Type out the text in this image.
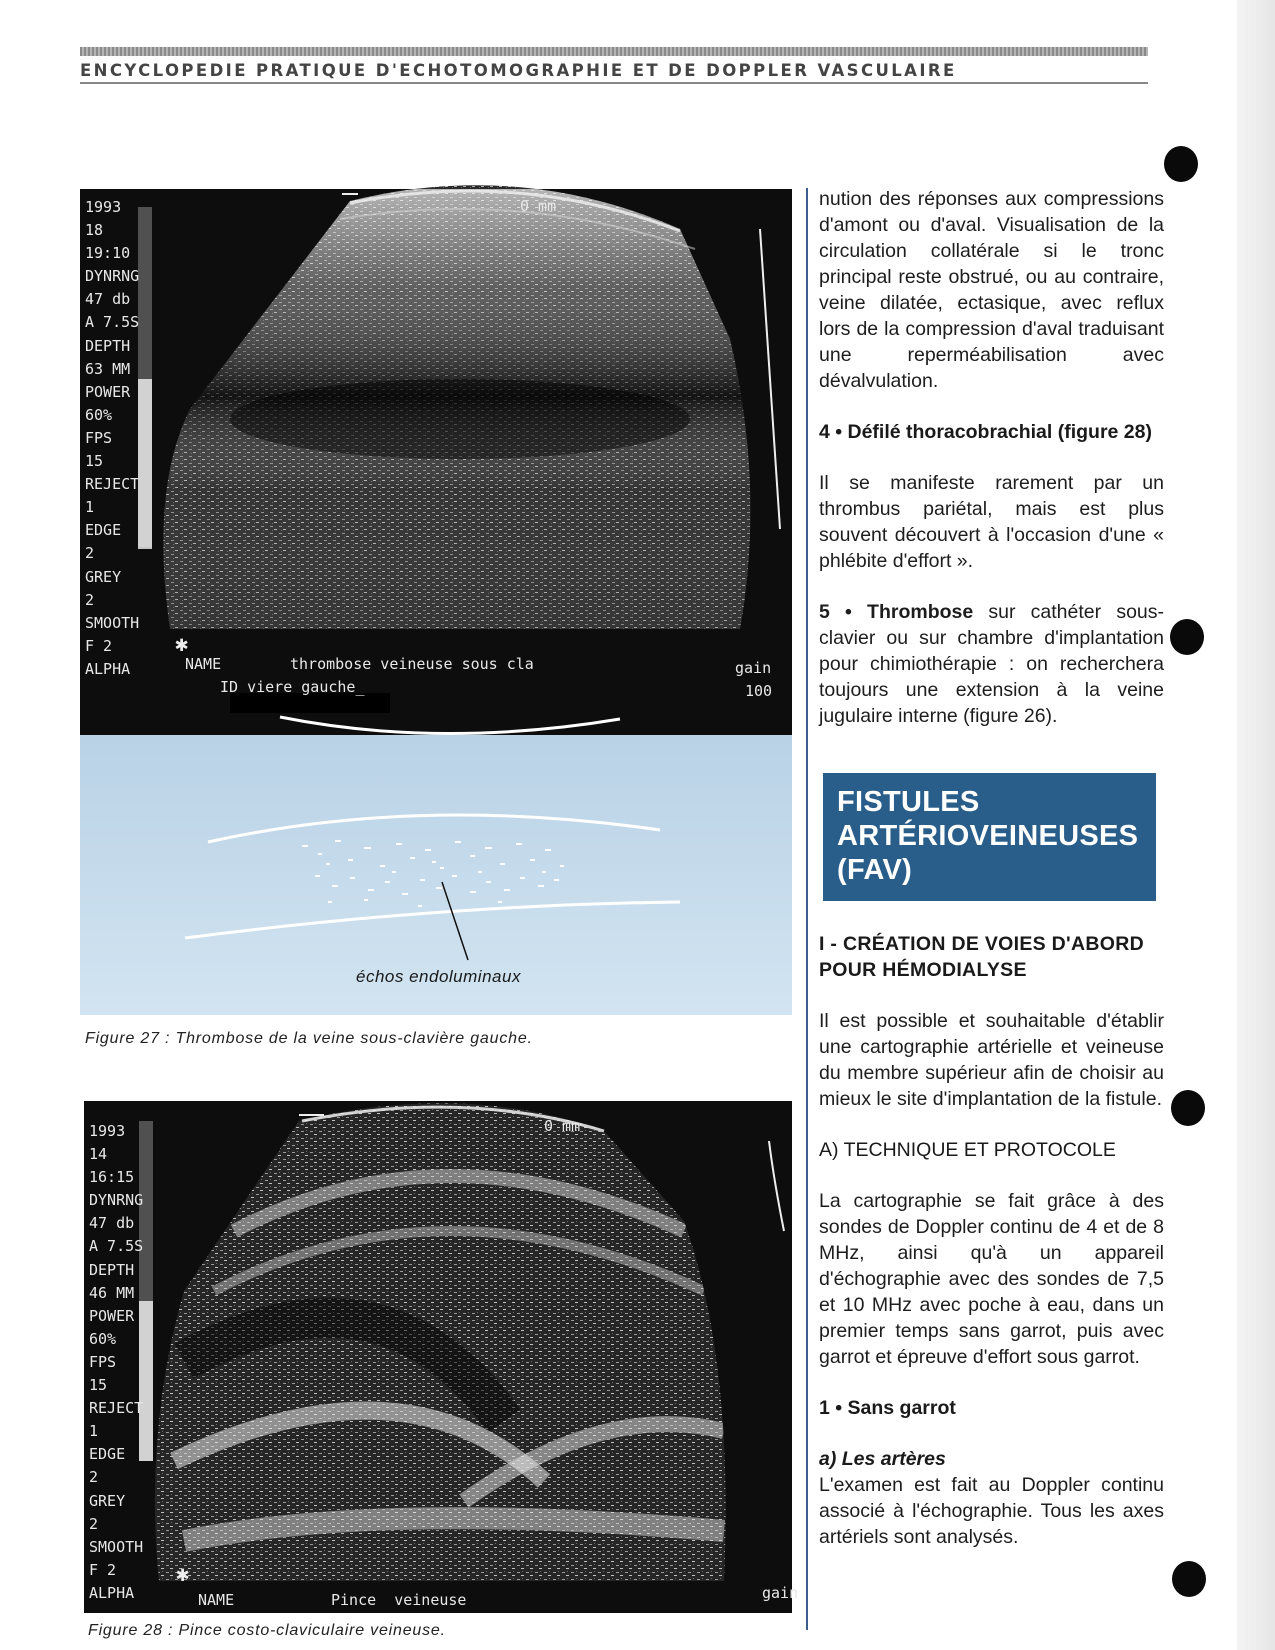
ENCYCLOPEDIE PRATIQUE D'ECHOTOMOGRAPHIE ET DE DOPPLER VASCULAIRE
✱
1993
18
19:10
DYNRNG
47 db
A 7.5S
DEPTH
63 MM
POWER
60%
FPS
15
REJECT
1
EDGE
2
GREY
2
SMOOTH
F 2
ALPHA
0 mm
NAME	thrombose veineuse sous cla
ID viere gauche_
gain
100
échos endoluminaux
Figure 27 : Thrombose de la veine sous-clavière gauche.
✱
1993
14
16:15
DYNRNG
47 db
A 7.5S
DEPTH
46 MM
POWER
60%
FPS
15
REJECT
1
EDGE
2
GREY
2
SMOOTH
F 2
ALPHA
0 mm
NAME	Pince  veineuse	gain
Figure 28 : Pince costo-claviculaire veineuse.

nution des réponses aux compressions d'amont ou d'aval. Visualisation de la circulation collatérale si le tronc principal reste obstrué, ou au contraire, veine dilatée, ectasique, avec reflux lors de la compression d'aval traduisant une reperméabilisation avec dévalvulation.

4 • Défilé thoracobrachial (figure 28)

Il se manifeste rarement par un thrombus pariétal, mais est plus souvent découvert à l'occasion d'une « phlébite d'effort ».

5 • Thrombose sur cathéter sous-clavier ou sur chambre d'implantation pour chimiothérapie : on recherchera toujours une extension à la veine jugulaire interne (figure 26).

FISTULES
ARTÉRIOVEINEUSES
(FAV)

I - CRÉATION DE VOIES D'ABORD POUR HÉMODIALYSE

Il est possible et souhaitable d'établir une cartographie artérielle et veineuse du membre supérieur afin de choisir au mieux le site d'implantation de la fistule.

A) TECHNIQUE ET PROTOCOLE

La cartographie se fait grâce à des sondes de Doppler continu de 4 et de 8 MHz, ainsi qu'à un appareil d'échographie avec des sondes de 7,5 et 10 MHz avec poche à eau, dans un premier temps sans garrot, puis avec garrot et épreuve d'effort sous garrot.

1 • Sans garrot

a) Les artères

L'examen est fait au Doppler continu associé à l'échographie. Tous les axes artériels sont analysés.
